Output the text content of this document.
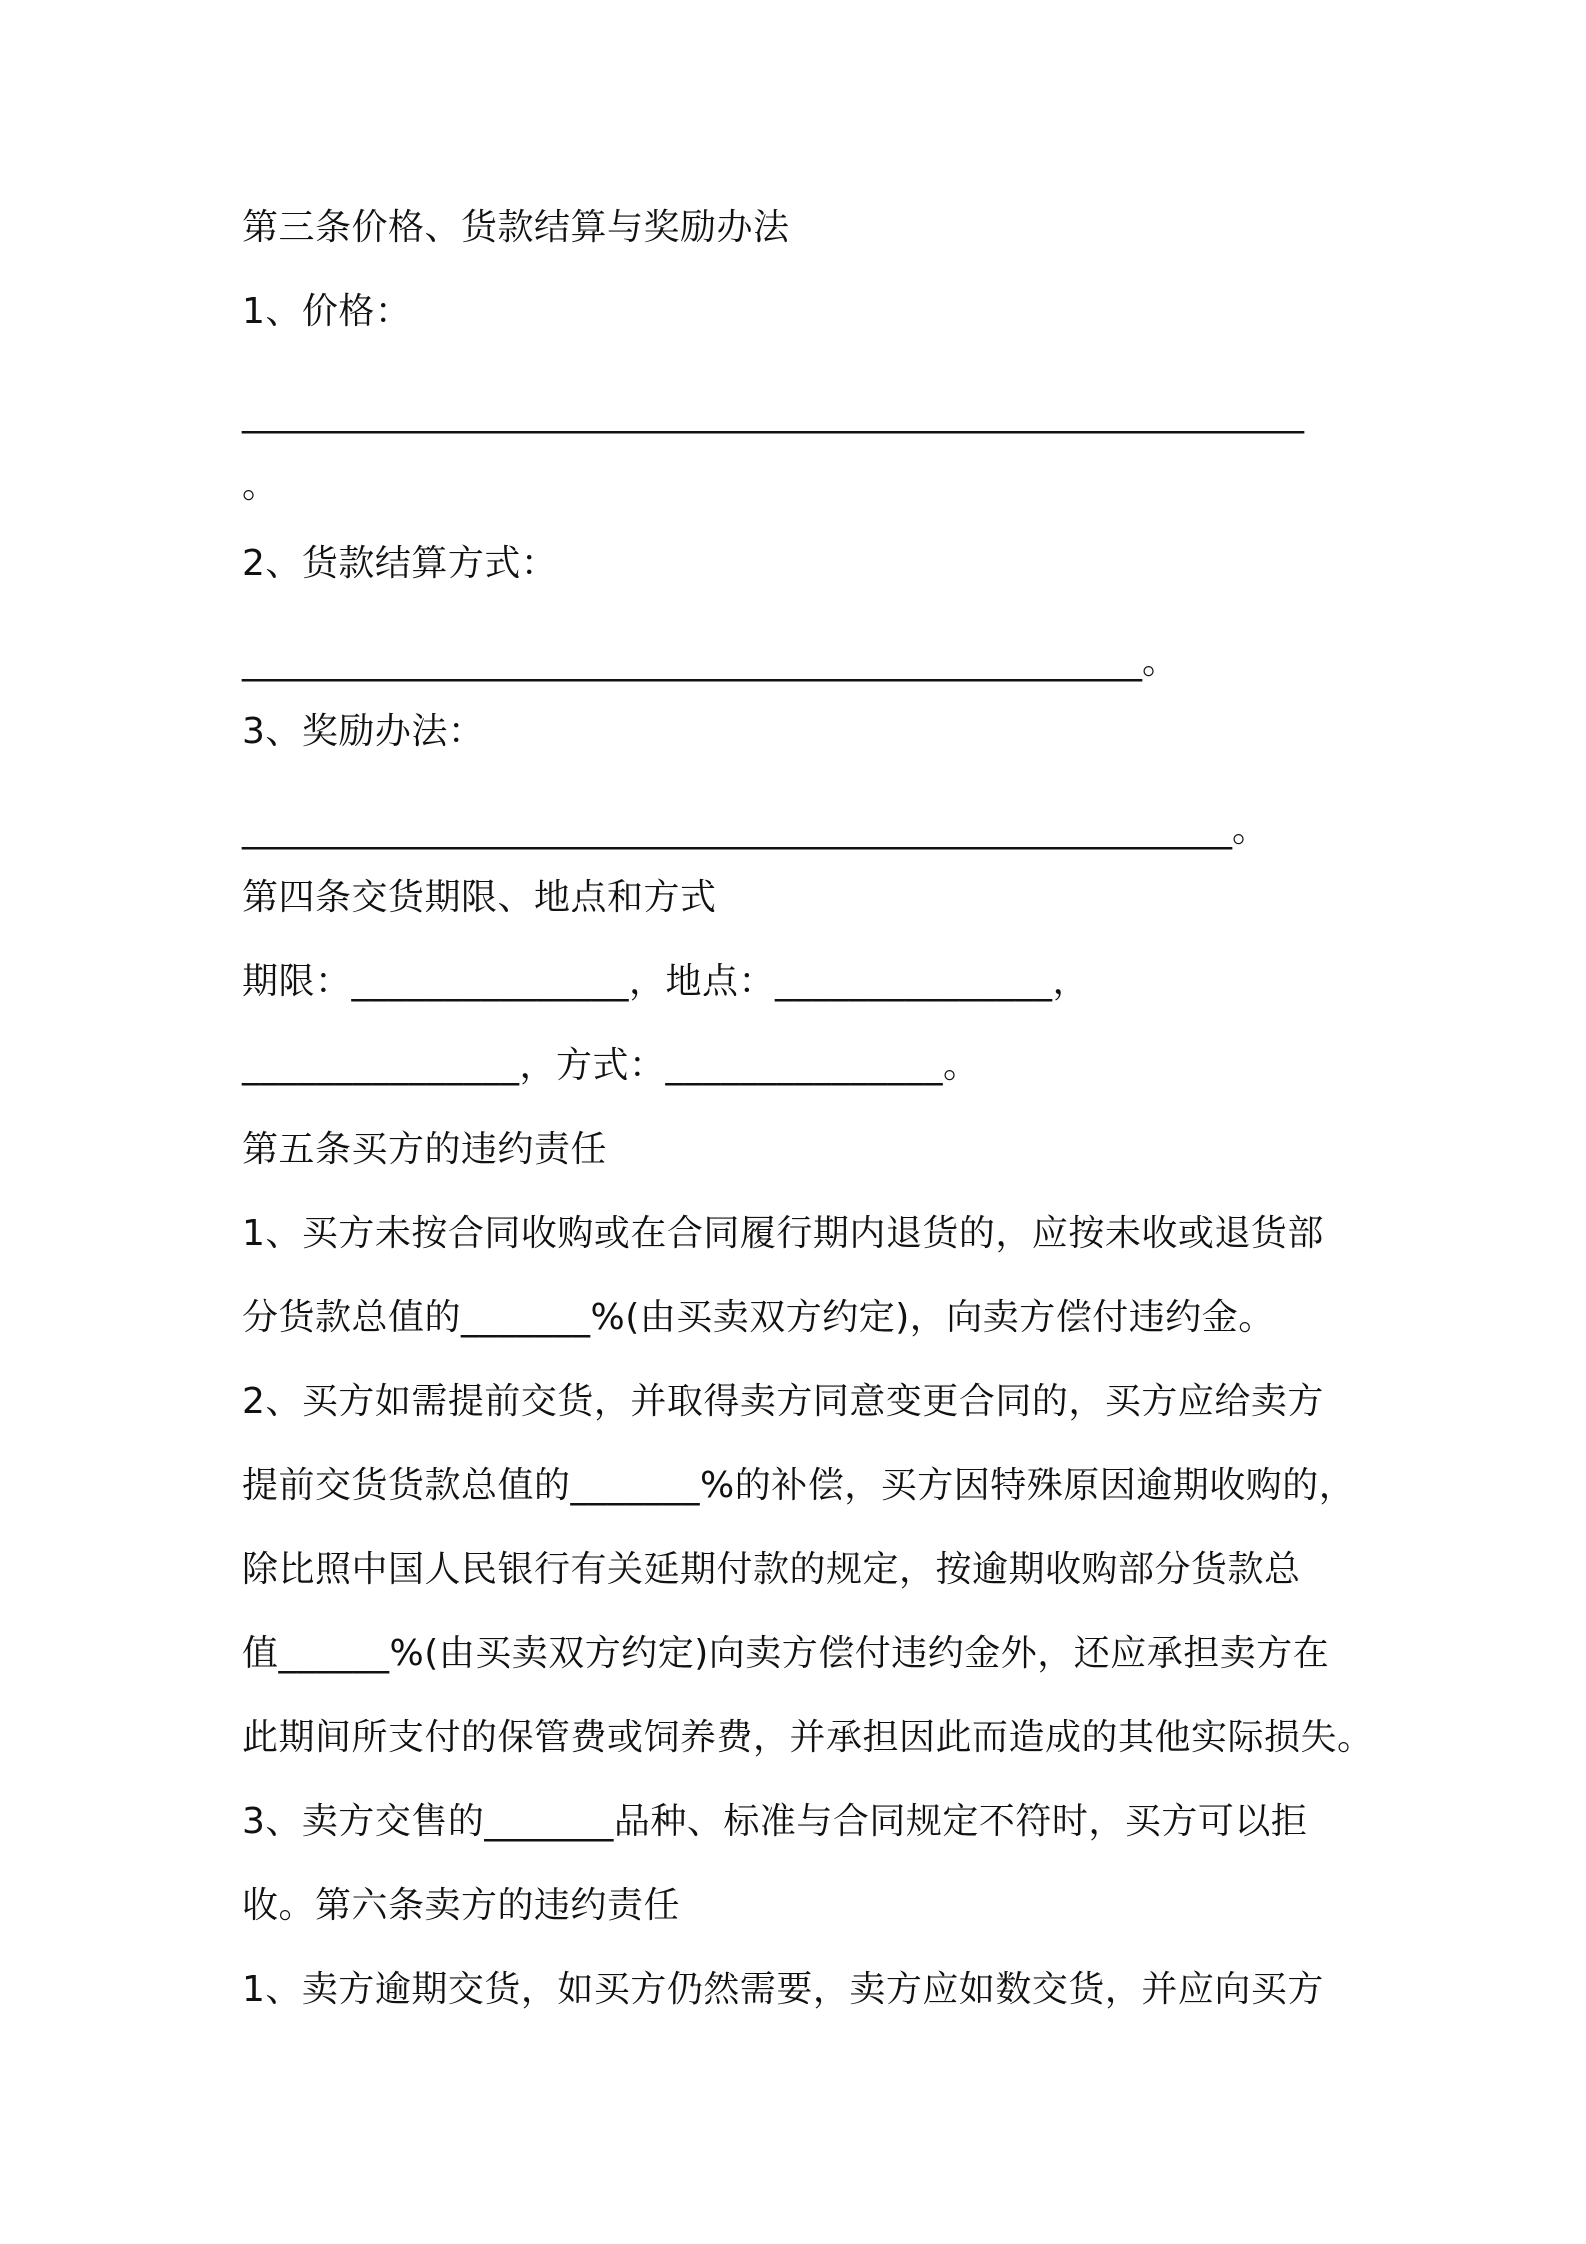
第三条价格、货款结算与奖励办法
1、价格：
___________________________________________________________
。
2、货款结算方式：
__________________________________________________。
3、奖励办法：
_______________________________________________________。
第四条交货期限、地点和方式
期限：_______________，地点：_______________，
_______________，方式：_______________。
第五条买方的违约责任
1、买方未按合同收购或在合同履行期内退货的，应按未收或退货部
分货款总值的_______%(由买卖双方约定)，向卖方偿付违约金。
2、买方如需提前交货，并取得卖方同意变更合同的，买方应给卖方
提前交货货款总值的_______%的补偿，买方因特殊原因逾期收购的，
除比照中国人民银行有关延期付款的规定，按逾期收购部分货款总
值______%(由买卖双方约定)向卖方偿付违约金外，还应承担卖方在
此期间所支付的保管费或饲养费，并承担因此而造成的其他实际损失。
3、卖方交售的_______品种、标准与合同规定不符时，买方可以拒
收。第六条卖方的违约责任
1、卖方逾期交货，如买方仍然需要，卖方应如数交货，并应向买方
